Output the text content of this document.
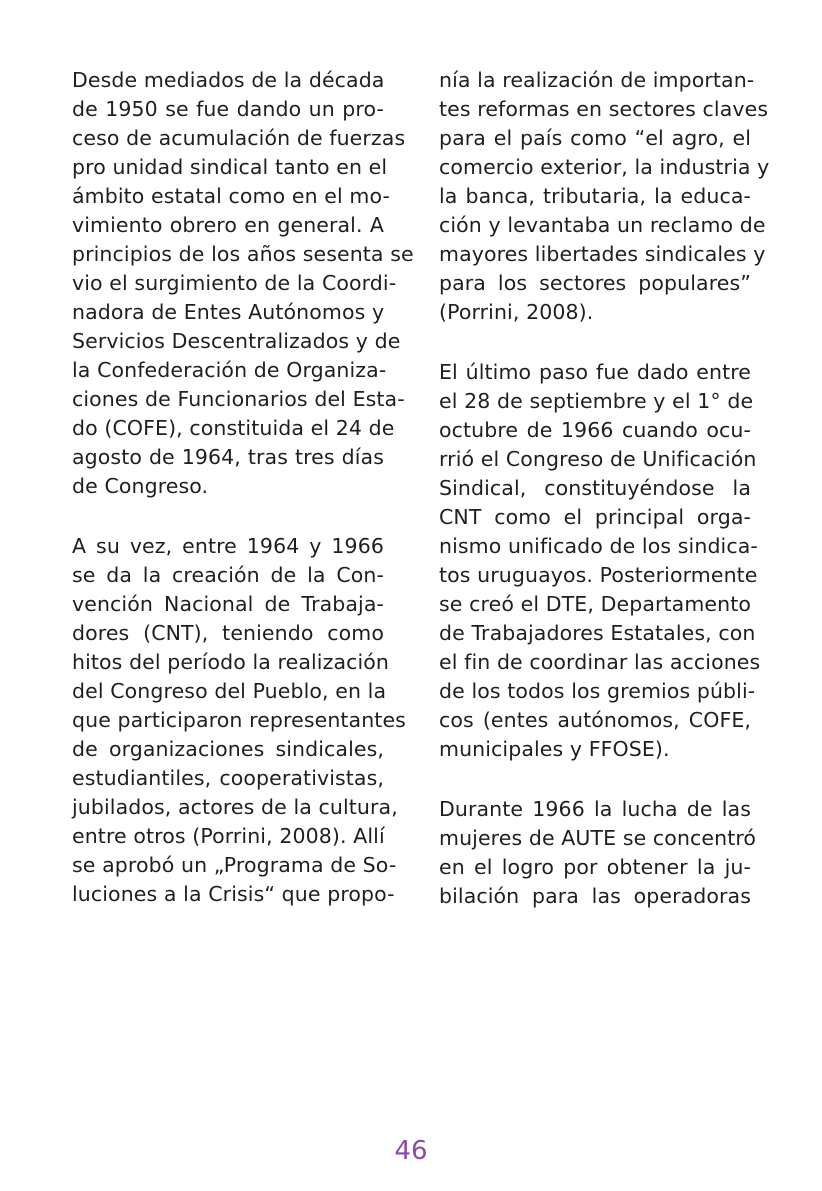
Desde mediados de la década
de 1950 se fue dando un pro-
ceso de acumulación de fuerzas
pro unidad sindical tanto en el
ámbito estatal como en el mo-
vimiento obrero en general. A
principios de los años sesenta se
vio el surgimiento de la Coordi-
nadora de Entes Autónomos y
Servicios Descentralizados y de
la Confederación de Organiza-
ciones de Funcionarios del Esta-
do (COFE), constituida el 24 de
agosto de 1964, tras tres días
de Congreso.
A su vez, entre 1964 y 1966
se da la creación de la Con-
vención Nacional de Trabaja-
dores (CNT), teniendo como
hitos del período la realización
del Congreso del Pueblo, en la
que participaron representantes
de organizaciones sindicales,
estudiantiles, cooperativistas,
jubilados, actores de la cultura,
entre otros (Porrini, 2008). Allí
se aprobó un „Programa de So-
luciones a la Crisis“ que propo-
nía la realización de importan-
tes reformas en sectores claves
para el país como “el agro, el
comercio exterior, la industria y
la banca, tributaria, la educa-
ción y levantaba un reclamo de
mayores libertades sindicales y
para los sectores populares”
(Porrini, 2008).
El último paso fue dado entre
el 28 de septiembre y el 1° de
octubre de 1966 cuando ocu-
rrió el Congreso de Unificación
Sindical, constituyéndose la
CNT como el principal orga-
nismo unificado de los sindica-
tos uruguayos. Posteriormente
se creó el DTE, Departamento
de Trabajadores Estatales, con
el fin de coordinar las acciones
de los todos los gremios públi-
cos (entes autónomos, COFE,
municipales y FFOSE).
Durante 1966 la lucha de las
mujeres de AUTE se concentró
en el logro por obtener la ju-
bilación para las operadoras
46
